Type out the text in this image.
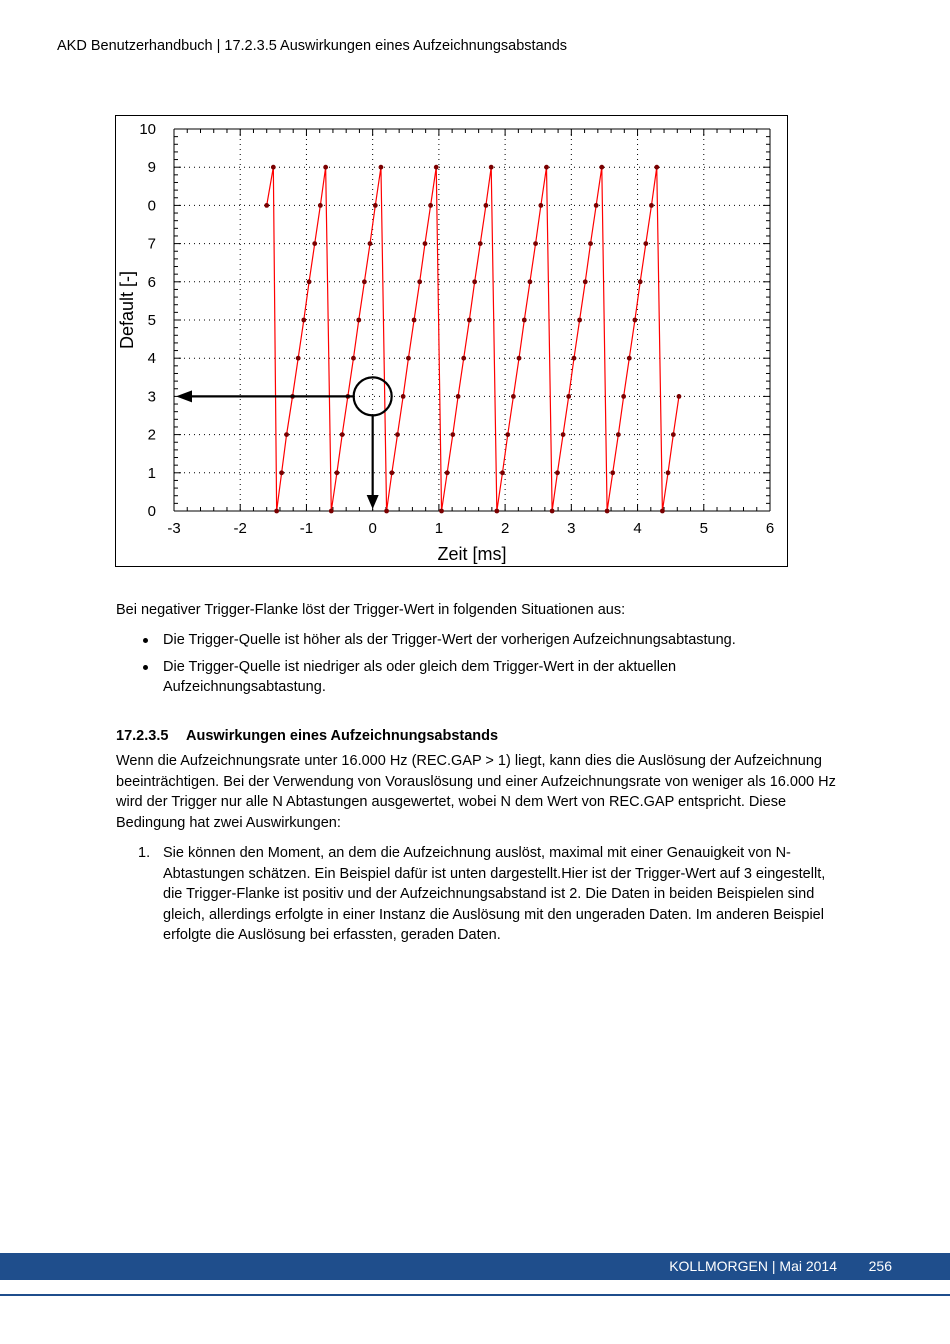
AKD Benutzerhandbuch | 17.2.3.5 Auswirkungen eines Aufzeichnungsabstands
-3	-2	-1	0	1	2	3	4	5	6
0
1
2
3
4
5
6
7
0
9
10
Zeit [ms]
Default [-]
Bei negativer Trigger-Flanke löst der Trigger-Wert in folgenden Situationen aus:
Die Trigger-Quelle ist höher als der Trigger-Wert der vorherigen Aufzeichnungsabtastung.
Die Trigger-Quelle ist niedriger als oder gleich dem Trigger-Wert in der aktuellen Aufzeichnungsabtastung.
17.2.3.5 Auswirkungen eines Aufzeichnungsabstands
Wenn die Aufzeichnungsrate unter 16.000 Hz (REC.GAP > 1) liegt, kann dies die Auslösung der Aufzeichnung beeinträchtigen. Bei der Verwendung von Vorauslösung und einer Aufzeichnungsrate von weniger als 16.000 Hz wird der Trigger nur alle N Abtastungen ausgewertet, wobei N dem Wert von REC.GAP entspricht. Diese Bedingung hat zwei Auswirkungen:
1. Sie können den Moment, an dem die Aufzeichnung auslöst, maximal mit einer Genauigkeit von N-Abtastungen schätzen. Ein Beispiel dafür ist unten dargestellt.Hier ist der Trigger-Wert auf 3 eingestellt, die Trigger-Flanke ist positiv und der Aufzeichnungsabstand ist 2. Die Daten in beiden Beispielen sind gleich, allerdings erfolgte in einer Instanz die Auslösung mit den ungeraden Daten. Im anderen Beispiel erfolgte die Auslösung bei erfassten, geraden Daten.
KOLLMORGEN | Mai 2014 256
